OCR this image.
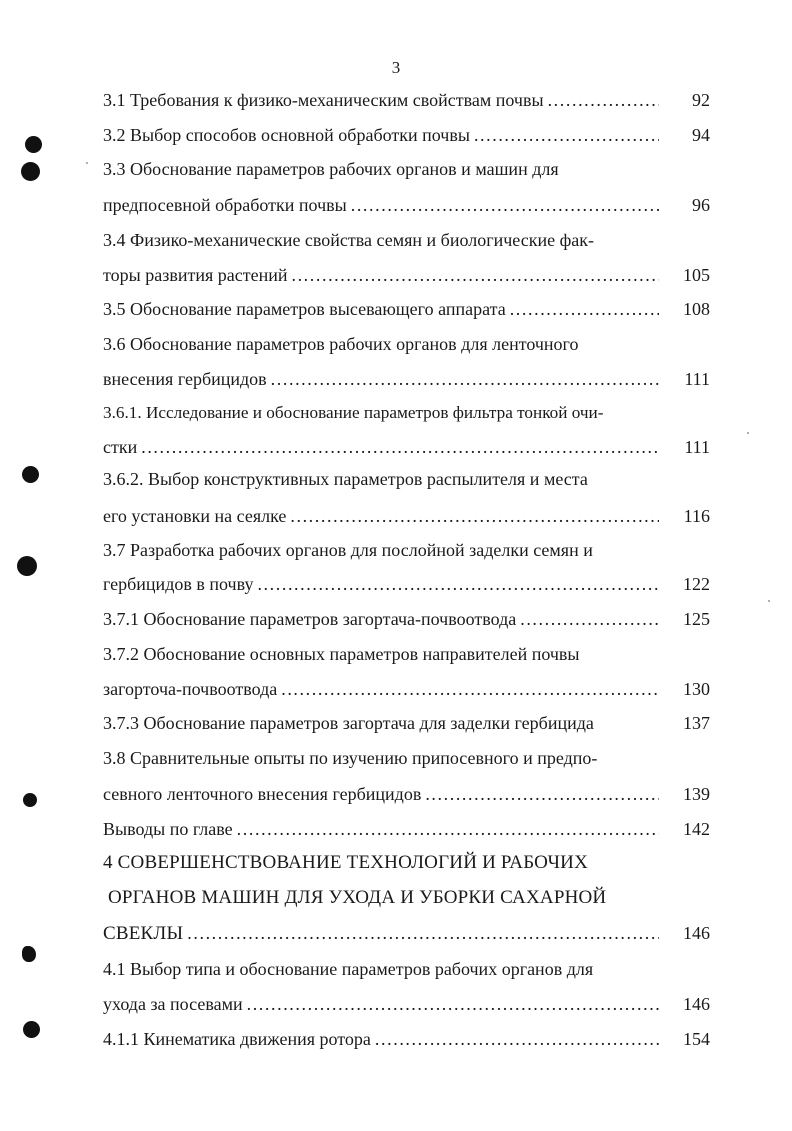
3
3.1 Требования к физико-механическим свойствам почвы .....	92
3.2 Выбор способов основной обработки почвы .....	94
3.3 Обоснование параметров рабочих органов и машин для
предпосевной обработки почвы .....	96
3.4 Физико-механические свойства семян и биологические фак-
торы развития растений .....	105
3.5 Обоснование параметров высевающего аппарата .....	108
3.6 Обоснование параметров рабочих органов для ленточного
внесения гербицидов .....	111
3.6.1. Исследование и обоснование параметров фильтра тонкой очи-
стки .....	111
3.6.2. Выбор конструктивных параметров распылителя и места
его установки на сеялке .....	116
3.7 Разработка рабочих органов для послойной заделки семян и
гербицидов в почву .....	122
3.7.1 Обоснование параметров загортача-почвоотвода .....	125
3.7.2 Обоснование основных параметров направителей почвы
загорточа-почвоотвода .....	130
3.7.3 Обоснование параметров загортача для заделки гербицида	137
3.8 Сравнительные опыты по изучению припосевного и предпо-
севного ленточного внесения гербицидов .....	139
Выводы по главе .....	142
4 СОВЕРШЕНСТВОВАНИЕ ТЕХНОЛОГИЙ И РАБОЧИХ
ОРГАНОВ МАШИН ДЛЯ УХОДА И УБОРКИ САХАРНОЙ
СВЕКЛЫ .....	146
4.1 Выбор типа и обоснование параметров рабочих органов для
ухода за посевами .....	146
4.1.1 Кинематика движения ротора .....	154
